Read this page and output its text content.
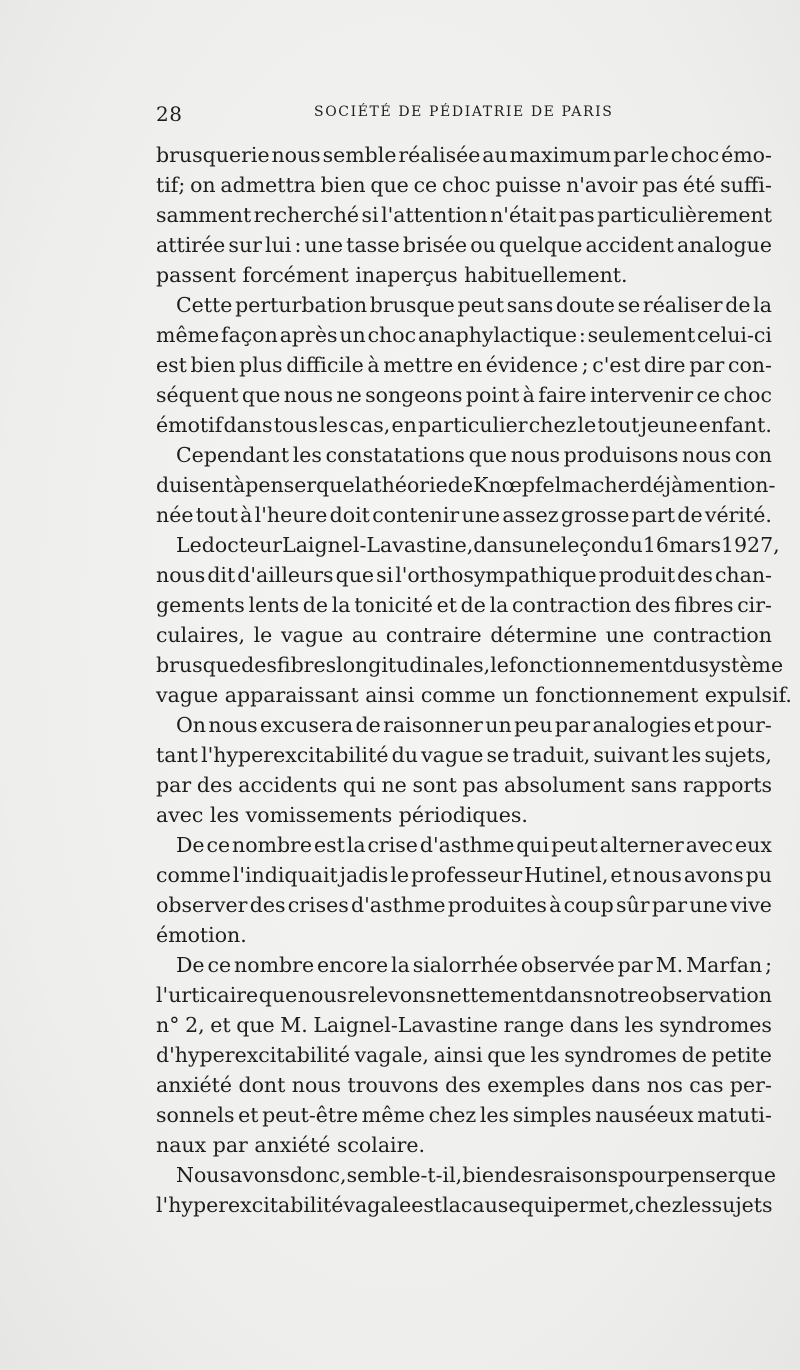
28	SOCIÉTÉ DE PÉDIATRIE DE PARIS
brusquerie nous semble réalisée au maximum par le choc émo-
tif; on admettra bien que ce choc puisse n'avoir pas été suffi-
samment recherché si l'attention n'était pas particulièrement
attirée sur lui : une tasse brisée ou quelque accident analogue
passent forcément inaperçus habituellement.
Cette perturbation brusque peut sans doute se réaliser de la
même façon après un choc anaphylactique : seulement celui-ci
est bien plus difficile à mettre en évidence ; c'est dire par con-
séquent que nous ne songeons point à faire intervenir ce choc
émotif dans tous les cas, en particulier chez le tout jeune enfant.
Cependant les constatations que nous produisons nous con
duisent à penser que la théorie de Knœpfelmacher déjà mention-
née tout à l'heure doit contenir une assez grosse part de vérité.
Le docteur Laignel-Lavastine, dans une leçon du 16 mars 1927,
nous dit d'ailleurs que si l'orthosympathique produit des chan-
gements lents de la tonicité et de la contraction des fibres cir-
culaires, le vague au contraire détermine une contraction
brusque des fibres longitudinales, le fonctionnement du système
vague apparaissant ainsi comme un fonctionnement expulsif.
On nous excusera de raisonner un peu par analogies et pour-
tant l'hyperexcitabilité du vague se traduit, suivant les sujets,
par des accidents qui ne sont pas absolument sans rapports
avec les vomissements périodiques.
De ce nombre est la crise d'asthme qui peut alterner avec eux
comme l'indiquait jadis le professeur Hutinel, et nous avons pu
observer des crises d'asthme produites à coup sûr par une vive
émotion.
De ce nombre encore la sialorrhée observée par M. Marfan ;
l'urticaire que nous relevons nettement dans notre observation
n° 2, et que M. Laignel-Lavastine range dans les syndromes
d'hyperexcitabilité vagale, ainsi que les syndromes de petite
anxiété dont nous trouvons des exemples dans nos cas per-
sonnels et peut-être même chez les simples nauséeux matuti-
naux par anxiété scolaire.
Nous avons donc, semble-t-il, bien des raisons pour penser que
l'hyperexcitabilité vagale est la cause qui permet, chez les sujets
